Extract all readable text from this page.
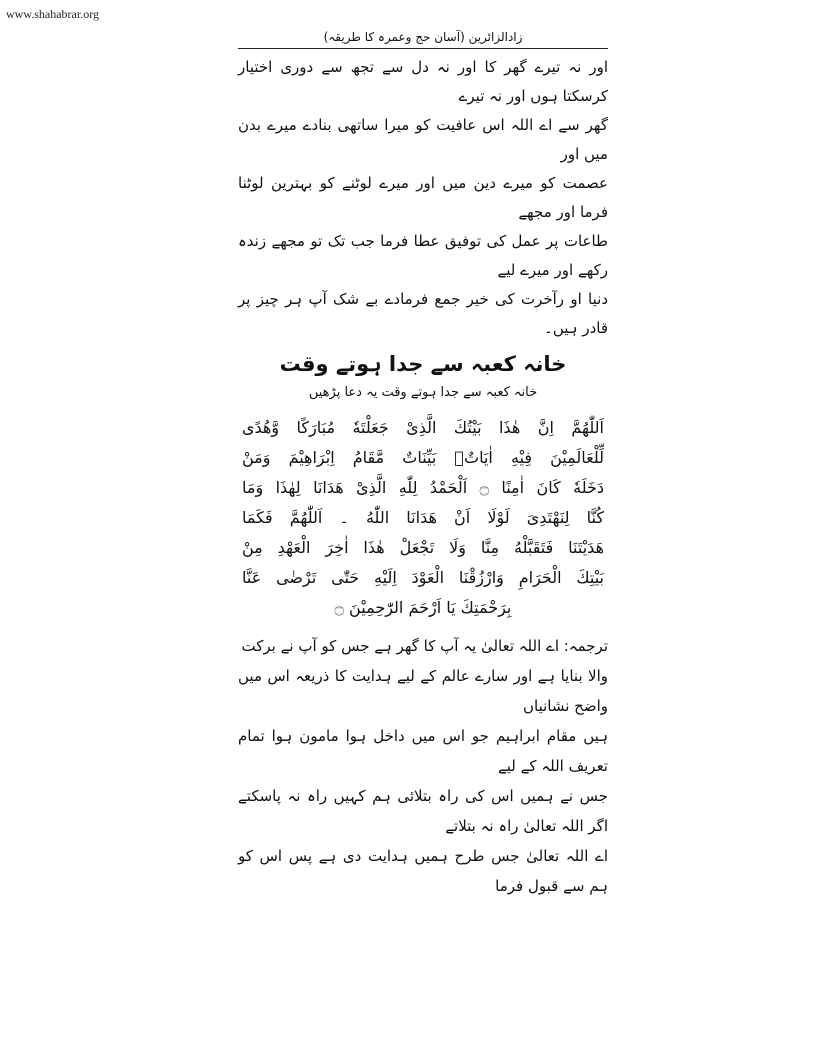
www.shahabrar.org
زادالزائرین (آسان حج وعمرہ کا طریقہ)

اور نہ تیرے گھر کا اور نہ دل سے تجھ سے دوری اختیار کرسکتا ہوں اور نہ تیرے

گھر سے اے اللہ اس عافیت کو میرا ساتھی بنادے میرے بدن میں اور

عصمت کو میرے دین میں اور میرے لوٹنے کو بہترین لوٹنا فرما اور مجھے

طاعات پر عمل کی توفیق عطا فرما جب تک تو مجھے زندہ رکھے اور میرے لیے

دنیا او رآخرت کی خیر جمع فرمادے بے شک آپ ہر چیز پر قادر ہیں۔

خانہ کعبہ سے جدا ہوتے وقت

خانہ کعبہ سے جدا ہوتے وقت یہ دعا پڑھیں

اَللّٰھُمَّ اِنَّ ھٰذَا بَیْتُكَ الَّذِیْ جَعَلْتَهٗ مُبَارَكًا وَّھُدًی
لِّلْعَالَمِیْنَ فِیْهِ اٰیَاتٌۢ بَیِّنَاتٌ مَّقَامُ اِبْرَاھِیْمَ وَمَنْ
دَخَلَهٗ كَانَ اٰمِنًا ۝ اَلْحَمْدُ لِلّٰهِ الَّذِیْ ھَدَانَا لِھٰذَا وَمَا
كُنَّا لِنَھْتَدِیَ لَوْلَا اَنْ ھَدَانَا اللّٰهُ ۔ اَللّٰھُمَّ فَكَمَا
ھَدَیْتَنَا فَتَقَبَّلْهُ مِنَّا وَلَا تَجْعَلْ ھٰذَا اٰخِرَ الْعَھْدِ مِنْ
بَیْتِكَ الْحَرَامِ وَارْزُقْنَا الْعَوْدَ اِلَیْهِ حَتّٰی تَرْضٰی عَنَّا
بِرَحْمَتِكَ یَا اَرْحَمَ الرّٰحِمِیْنَ ۝

ترجمہ: اے اللہ تعالیٰ یہ آپ کا گھر ہے جس کو آپ نے برکت

والا بنایا ہے اور سارے عالم کے لیے ہدایت کا ذریعہ اس میں واضح نشانیاں

ہیں مقام ابراہیم جو اس میں داخل ہوا مامون ہوا تمام تعریف اللہ کے لیے

جس نے ہمیں اس کی راہ بتلائی ہم کہیں راہ نہ پاسکتے اگر اللہ تعالیٰ راہ نہ بتلاتے

اے اللہ تعالیٰ جس طرح ہمیں ہدایت دی ہے پس اس کو ہم سے قبول فرما
